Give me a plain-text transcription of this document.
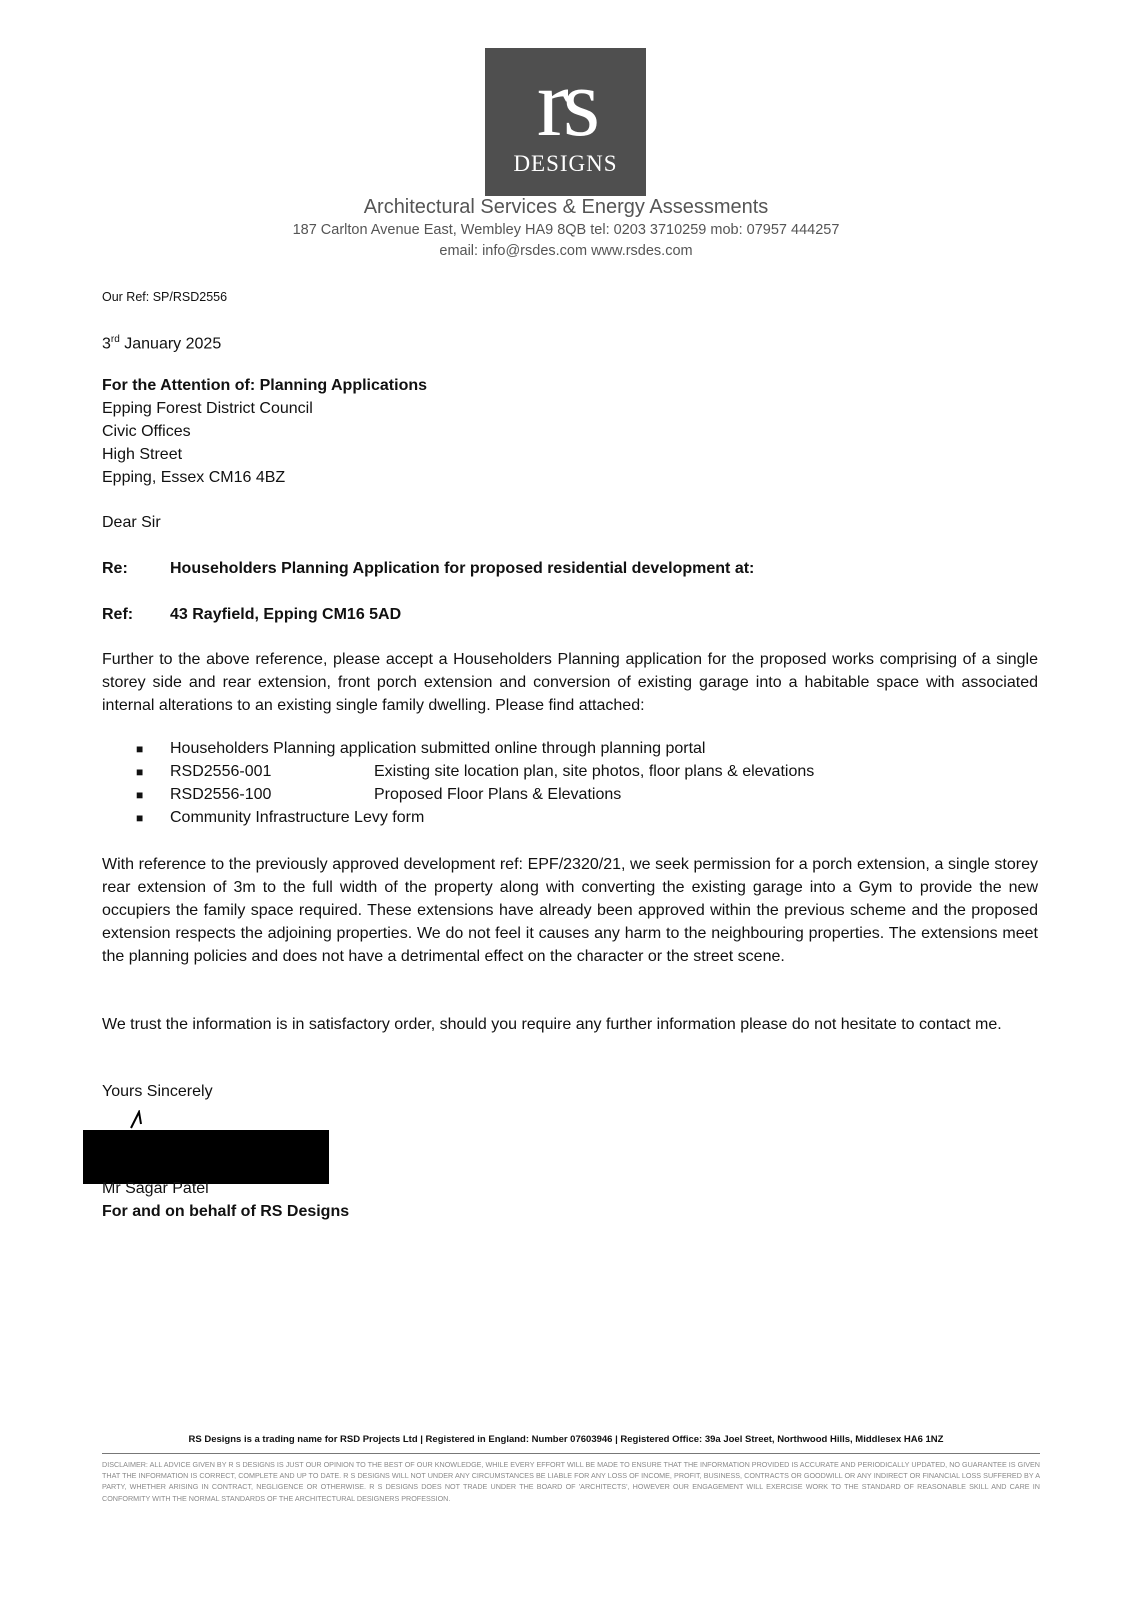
rs
DESIGNS
Architectural Services & Energy Assessments
187 Carlton Avenue East, Wembley HA9 8QB tel: 0203 3710259 mob: 07957 444257
email: info@rsdes.com www.rsdes.com
Our Ref: SP/RSD2556
3rd January 2025
For the Attention of: Planning Applications
Epping Forest District Council
Civic Offices
High Street
Epping, Essex CM16 4BZ
Dear Sir
Re:	Householders Planning Application for proposed residential development at:
Ref: 43 Rayfield, Epping CM16 5AD
Further to the above reference, please accept a Householders Planning application for the proposed works comprising of a single storey side and rear extension, front porch extension and conversion of existing garage into a habitable space with associated internal alterations to an existing single family dwelling. Please find attached:
■ Householders Planning application submitted online through planning portal
■ RSD2556-001	Existing site location plan, site photos, floor plans & elevations
■ RSD2556-100	Proposed Floor Plans & Elevations
■ Community Infrastructure Levy form
With reference to the previously approved development ref: EPF/2320/21, we seek permission for a porch extension, a single storey rear extension of 3m to the full width of the property along with converting the existing garage into a Gym to provide the new occupiers the family space required. These extensions have already been approved within the previous scheme and the proposed extension respects the adjoining properties. We do not feel it causes any harm to the neighbouring properties. The extensions meet the planning policies and does not have a detrimental effect on the character or the street scene.
We trust the information is in satisfactory order, should you require any further information please do not hesitate to contact me.
Yours Sincerely
Mr Sagar Patel
For and on behalf of RS Designs
RS Designs is a trading name for RSD Projects Ltd | Registered in England: Number 07603946 | Registered Office: 39a Joel Street, Northwood Hills, Middlesex HA6 1NZ
DISCLAIMER: ALL ADVICE GIVEN BY R S DESIGNS IS JUST OUR OPINION TO THE BEST OF OUR KNOWLEDGE, WHILE EVERY EFFORT WILL BE MADE TO ENSURE THAT THE INFORMATION PROVIDED IS ACCURATE AND PERIODICALLY UPDATED, NO GUARANTEE IS GIVEN THAT THE INFORMATION IS CORRECT, COMPLETE AND UP TO DATE. R S DESIGNS WILL NOT UNDER ANY CIRCUMSTANCES BE LIABLE FOR ANY LOSS OF INCOME, PROFIT, BUSINESS, CONTRACTS OR GOODWILL OR ANY INDIRECT OR FINANCIAL LOSS SUFFERED BY A PARTY, WHETHER ARISING IN CONTRACT, NEGLIGENCE OR OTHERWISE. R S DESIGNS DOES NOT TRADE UNDER THE BOARD OF 'ARCHITECTS', HOWEVER OUR ENGAGEMENT WILL EXERCISE WORK TO THE STANDARD OF REASONABLE SKILL AND CARE IN CONFORMITY WITH THE NORMAL STANDARDS OF THE ARCHITECTURAL DESIGNERS PROFESSION.
